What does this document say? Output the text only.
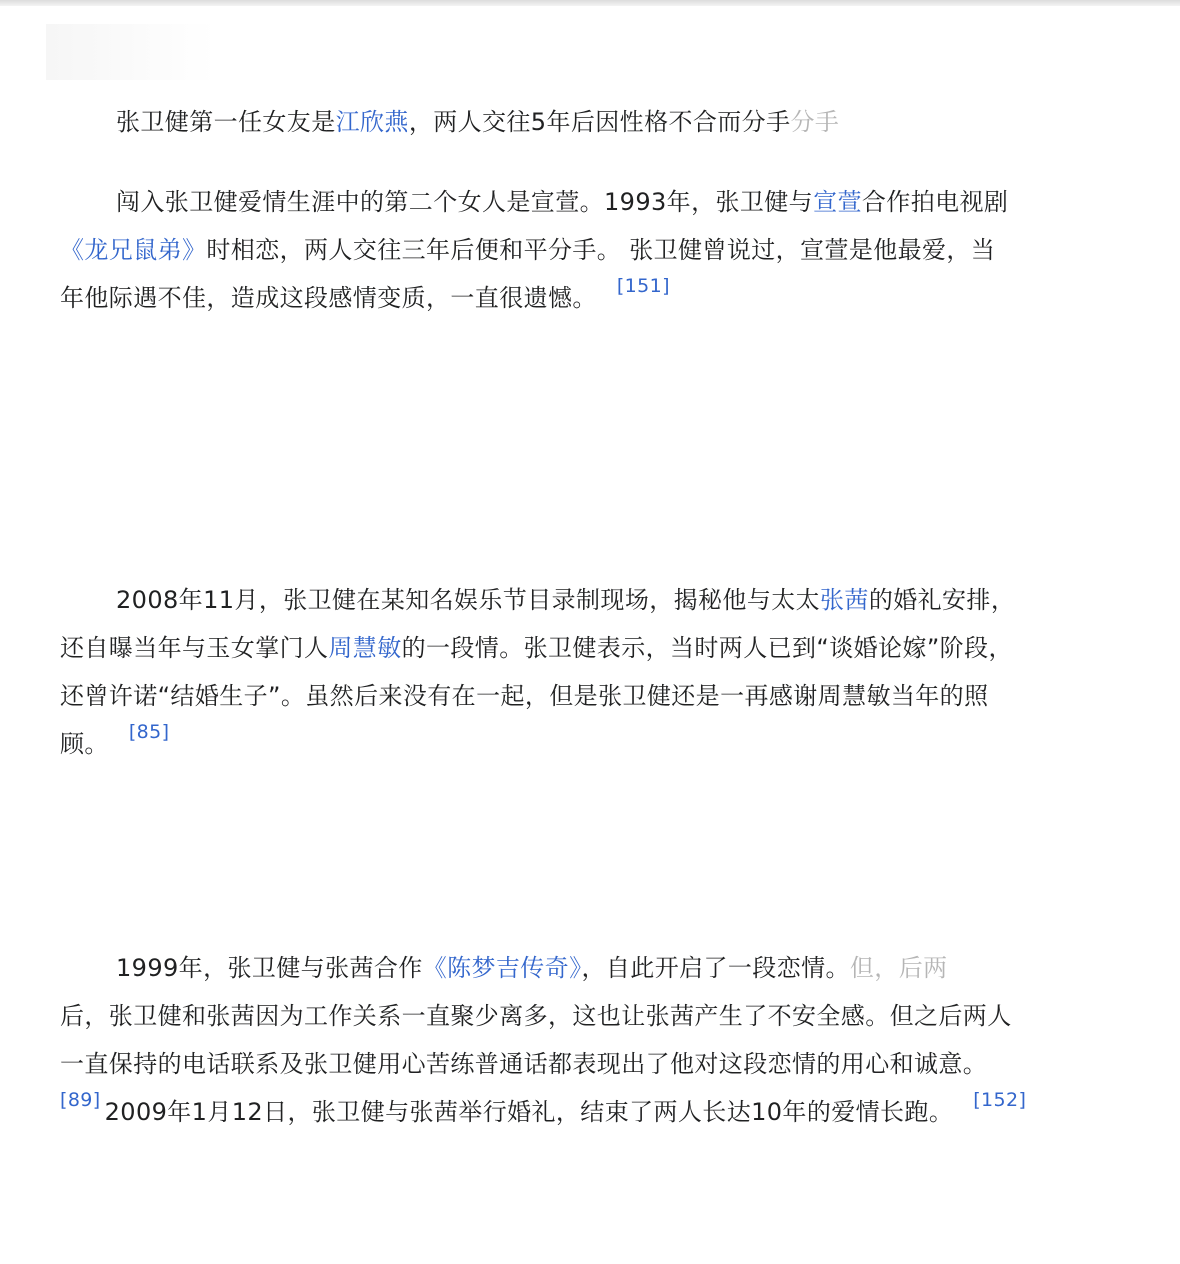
张卫健第一任女友是江欣燕，两人交往5年后因性格不合而分手分手
闯入张卫健爱情生涯中的第二个女人是宣萱。1993年，张卫健与宣萱合作拍电视剧
《龙兄鼠弟》时相恋，两人交往三年后便和平分手。 张卫健曾说过，宣萱是他最爱，当
年他际遇不佳，造成这段感情变质，一直很遗憾。 [151]
2008年11月，张卫健在某知名娱乐节目录制现场，揭秘他与太太张茜的婚礼安排，
还自曝当年与玉女掌门人周慧敏的一段情。张卫健表示，当时两人已到“谈婚论嫁”阶段，
还曾许诺“结婚生子”。虽然后来没有在一起，但是张卫健还是一再感谢周慧敏当年的照
顾。 [85]
1999年，张卫健与张茜合作《陈梦吉传奇》，自此开启了一段恋情。但，后两
后，张卫健和张茜因为工作关系一直聚少离多，这也让张茜产生了不安全感。但之后两人
一直保持的电话联系及张卫健用心苦练普通话都表现出了他对这段恋情的用心和诚意。
[89] 2009年1月12日，张卫健与张茜举行婚礼，结束了两人长达10年的爱情长跑。 [152]
